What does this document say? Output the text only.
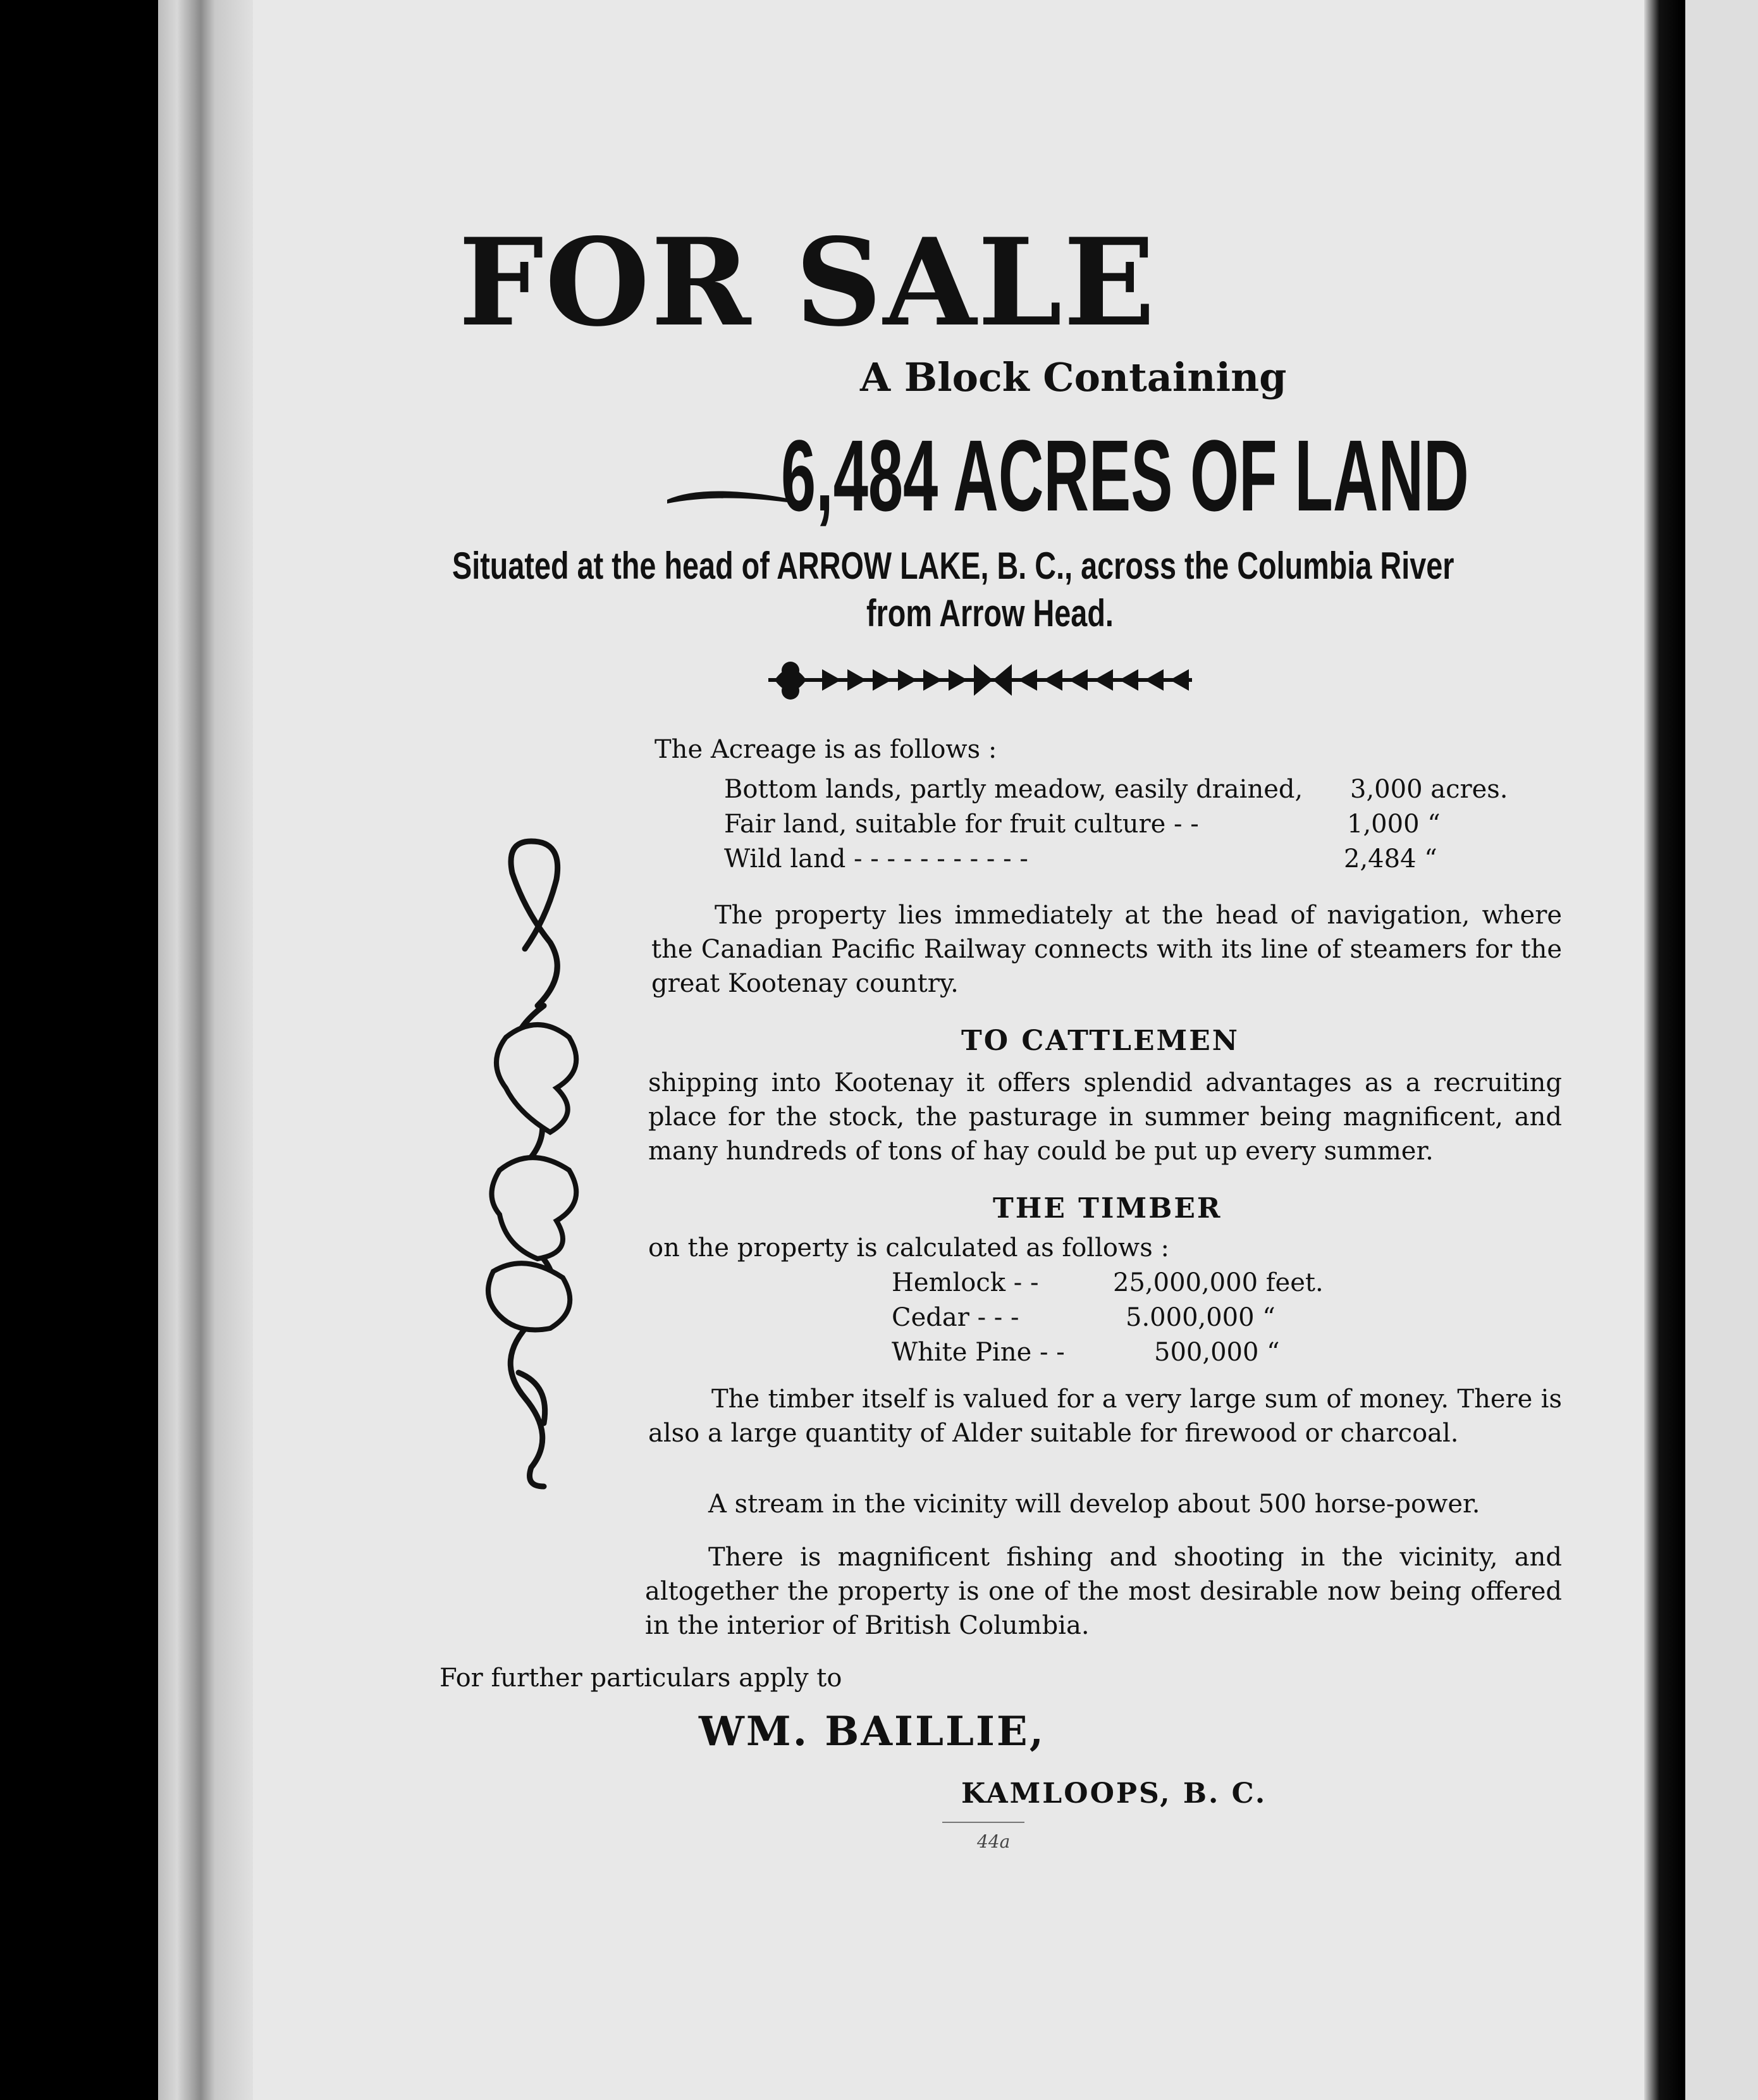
FOR SALE
A Block Containing
6,484 ACRES OF LAND
Situated at the head of ARROW LAKE, B. C., across the Columbia River
from Arrow Head.
The Acreage is as follows :
Bottom lands, partly meadow, easily drained, 3,000 acres.
Fair land, suitable for fruit culture - -	1,000 “
Wild land - - - - - - - - - - -	2,484 “
The property lies immediately at the head of navigation, where the Canadian Pacific Railway connects with its line of steamers for the great Kootenay country.
TO CATTLEMEN
shipping into Kootenay it offers splendid advantages as a recruiting place for the stock, the pasturage in summer being magnificent, and many hundreds of tons of hay could be put up every summer.
THE TIMBER
on the property is calculated as follows :
Hemlock - -	25,000,000 feet.
Cedar - - -	5.000,000 “
White Pine - -	500,000 “
The timber itself is valued for a very large sum of money. There is also a large quantity of Alder suitable for firewood or charcoal.
A stream in the vicinity will develop about 500 horse-power.
There is magnificent fishing and shooting in the vicinity, and altogether the property is one of the most desirable now being offered in the interior of British Columbia.
For further particulars apply to
WM. BAILLIE,
KAMLOOPS, B. C.
44a
